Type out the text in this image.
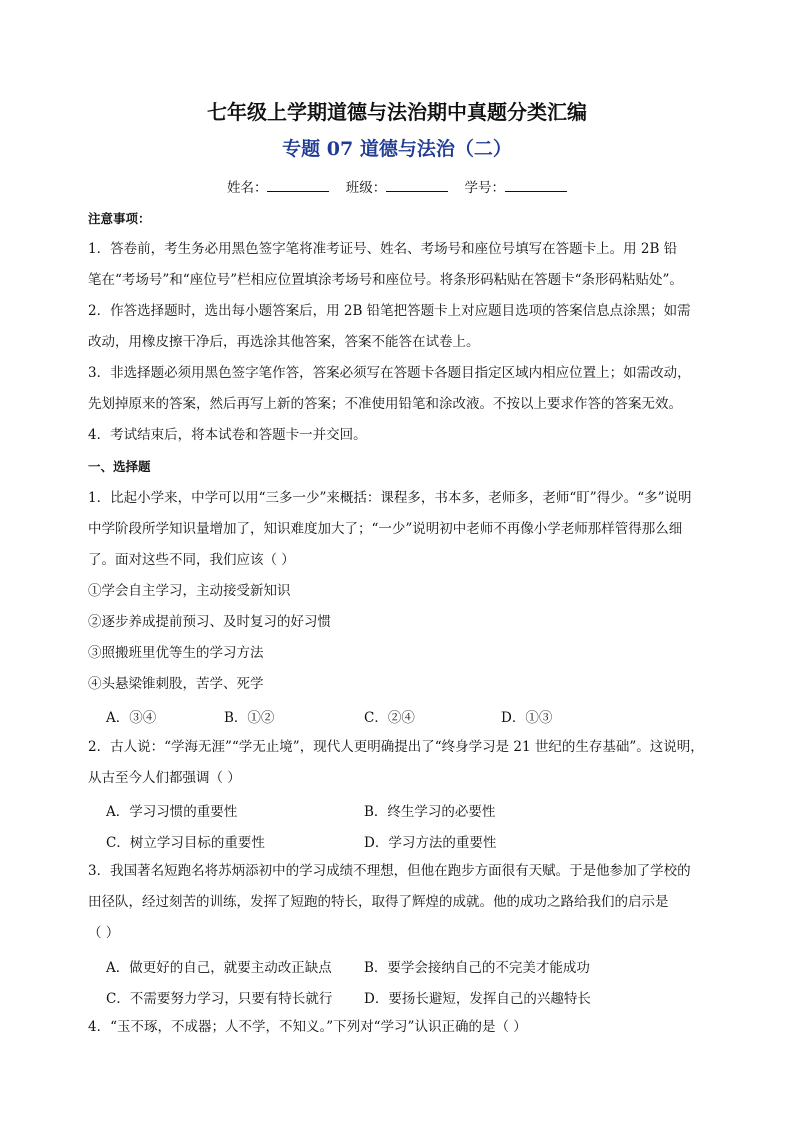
七年级上学期道德与法治期中真题分类汇编
专题 07 道德与法治（二）
姓名：	班级：	学号：
注意事项：
1．答卷前，考生务必用黑色签字笔将准考证号、姓名、考场号和座位号填写在答题卡上。用 2B 铅
笔在“考场号”和“座位号”栏相应位置填涂考场号和座位号。将条形码粘贴在答题卡“条形码粘贴处”。
2．作答选择题时，选出每小题答案后，用 2B 铅笔把答题卡上对应题目选项的答案信息点涂黑；如需
改动，用橡皮擦干净后，再选涂其他答案，答案不能答在试卷上。
3．非选择题必须用黑色签字笔作答，答案必须写在答题卡各题目指定区域内相应位置上；如需改动，
先划掉原来的答案，然后再写上新的答案；不准使用铅笔和涂改液。不按以上要求作答的答案无效。
4．考试结束后，将本试卷和答题卡一并交回。
一、选择题
1．比起小学来，中学可以用“三多一少”来概括：课程多，书本多，老师多，老师“盯”得少。“多”说明
中学阶段所学知识量增加了，知识难度加大了；“一少”说明初中老师不再像小学老师那样管得那么细
了。面对这些不同，我们应该（ ）
①学会自主学习，主动接受新知识
②逐步养成提前预习、及时复习的好习惯
③照搬班里优等生的学习方法
④头悬梁锥刺股，苦学、死学
A．③④	B．①②	C．②④	D．①③
2．古人说：“学海无涯”“学无止境”，现代人更明确提出了“终身学习是 21 世纪的生存基础”。这说明，
从古至今人们都强调（ ）
A．学习习惯的重要性	B．终生学习的必要性
C．树立学习目标的重要性	D．学习方法的重要性
3．我国著名短跑名将苏炳添初中的学习成绩不理想，但他在跑步方面很有天赋。于是他参加了学校的
田径队，经过刻苦的训练，发挥了短跑的特长，取得了辉煌的成就。他的成功之路给我们的启示是
（ ）
A．做更好的自己，就要主动改正缺点 B．要学会接纳自己的不完美才能成功
C．不需要努力学习，只要有特长就行 D．要扬长避短，发挥自己的兴趣特长
4．“玉不琢，不成器；人不学，不知义。”下列对“学习”认识正确的是（ ）
